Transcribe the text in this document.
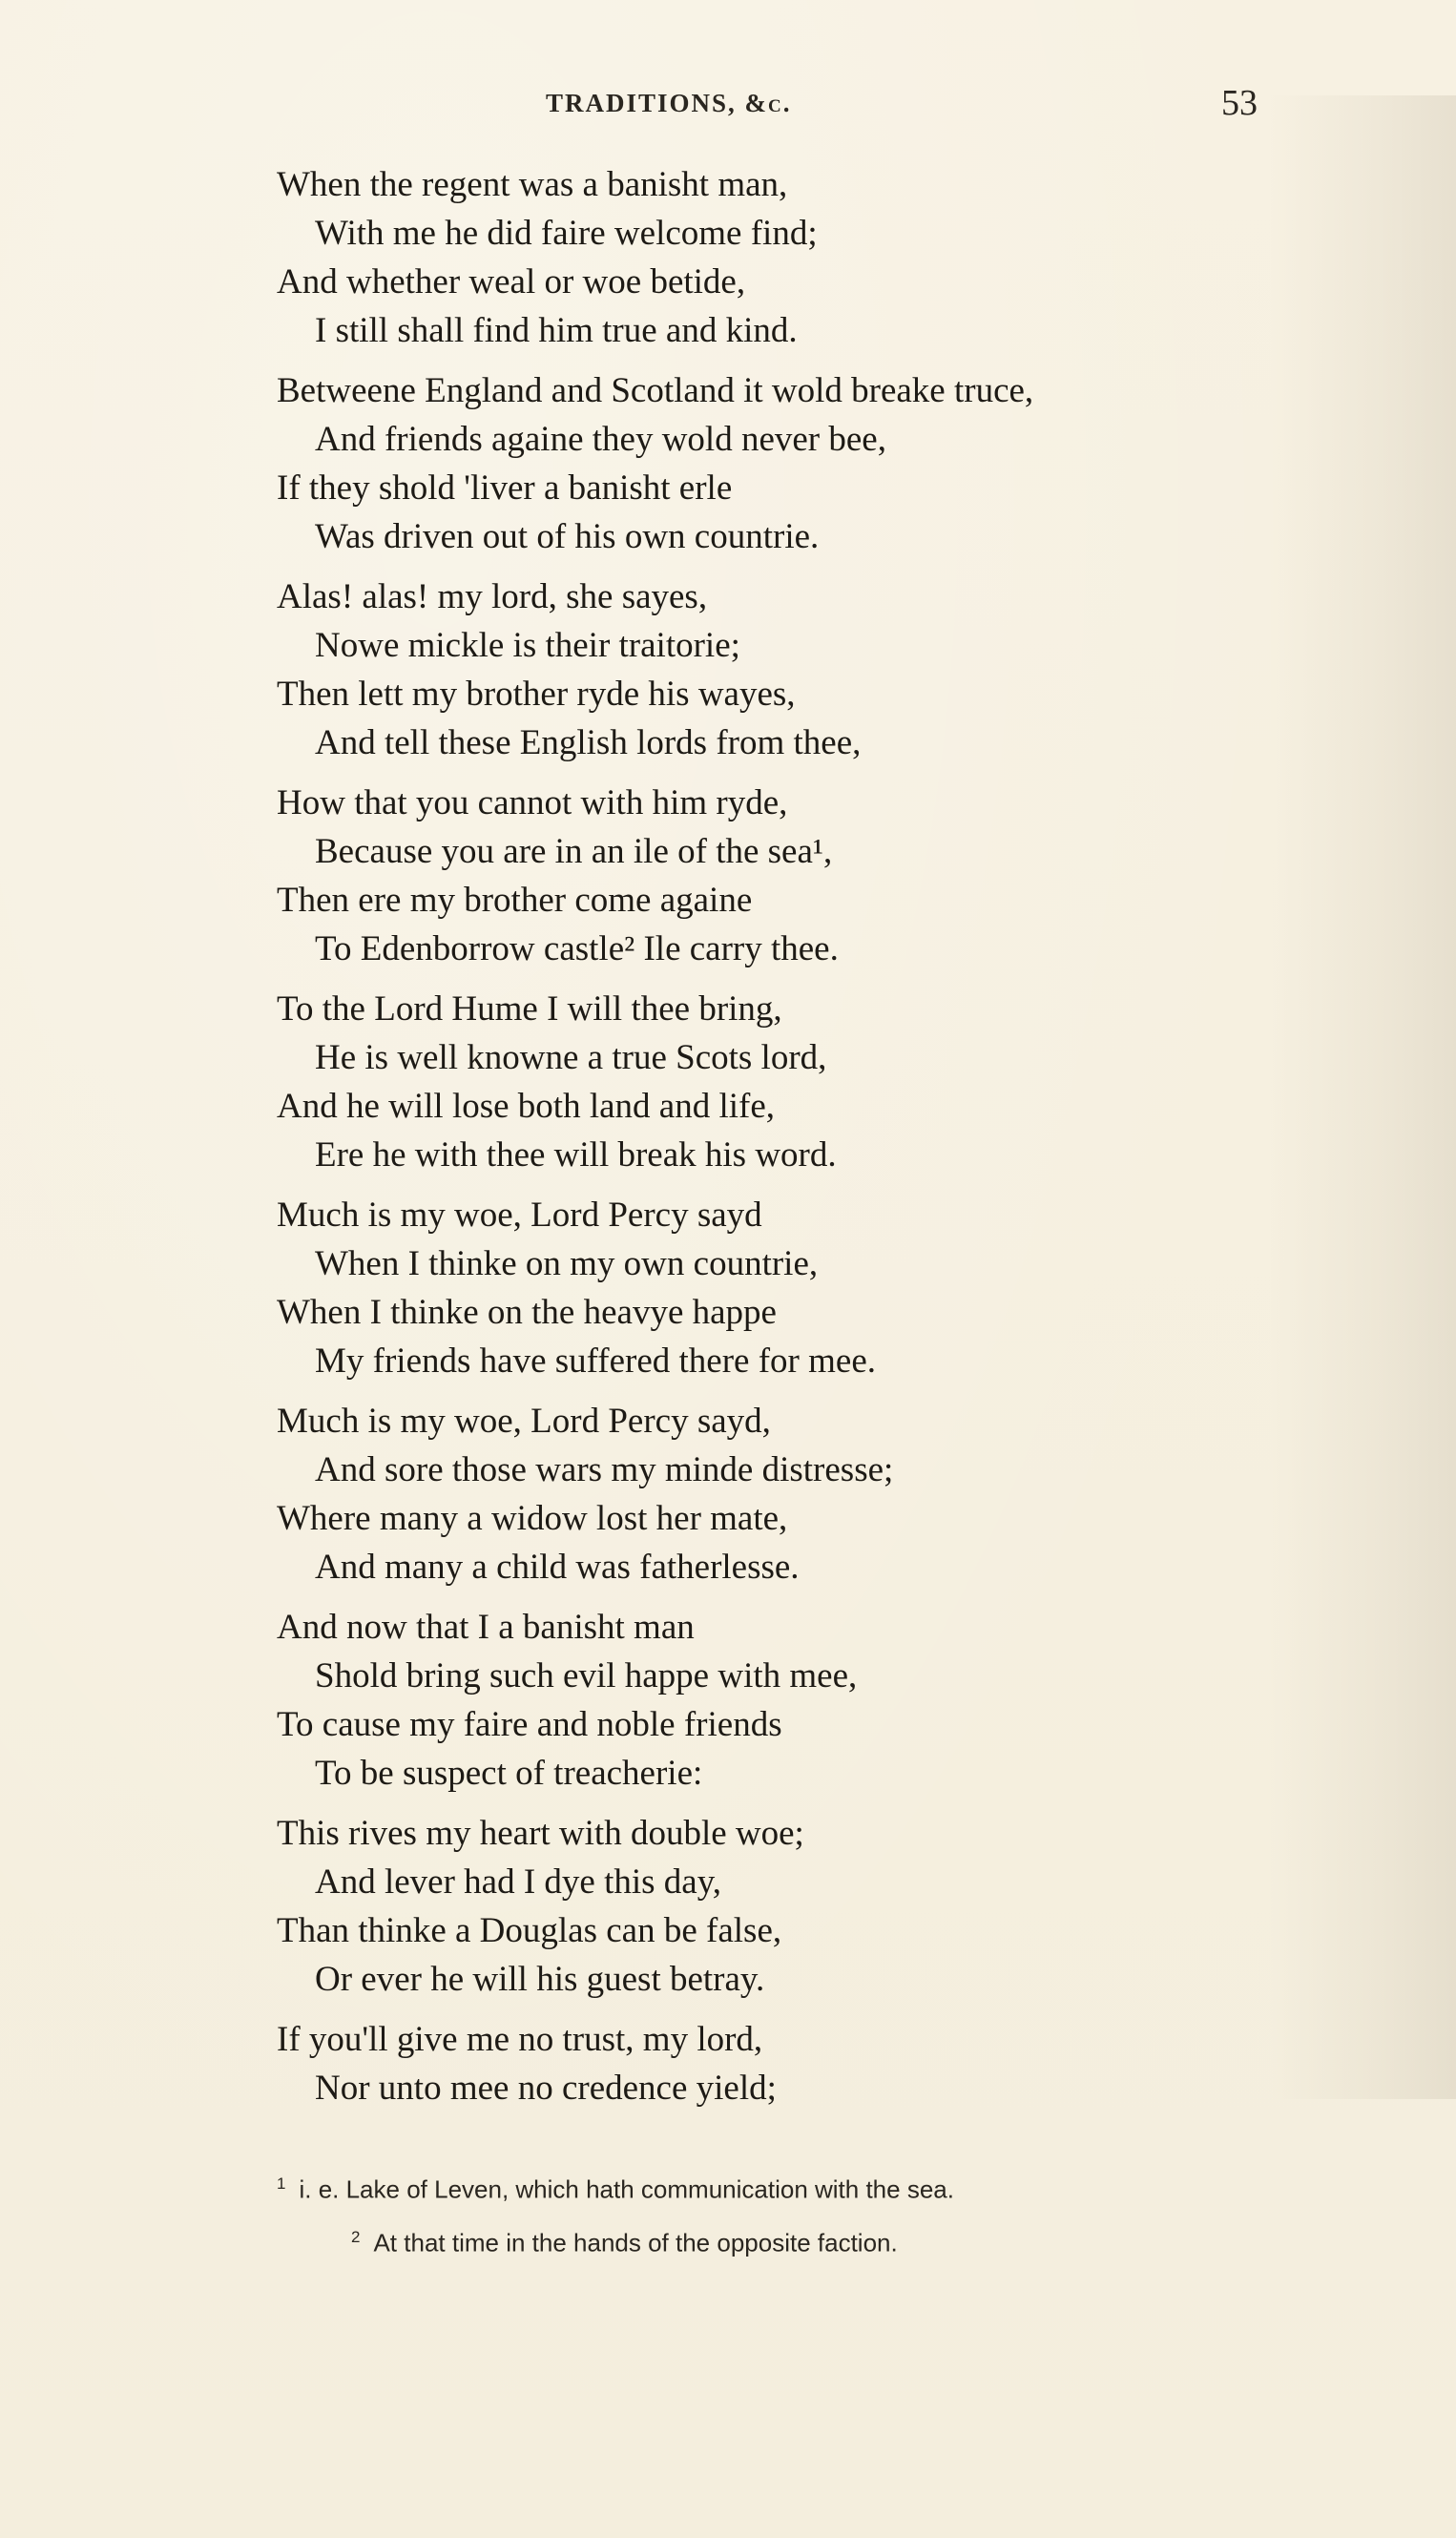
TRADITIONS, &c.	53
When the regent was a banisht man,
With me he did faire welcome find;
And whether weal or woe betide,
I still shall find him true and kind.
Betweene England and Scotland it wold breake truce,
And friends againe they wold never bee,
If they shold 'liver a banisht erle
Was driven out of his own countrie.
Alas! alas! my lord, she sayes,
Nowe mickle is their traitorie;
Then lett my brother ryde his wayes,
And tell these English lords from thee,
How that you cannot with him ryde,
Because you are in an ile of the sea¹,
Then ere my brother come againe
To Edenborrow castle² Ile carry thee.
To the Lord Hume I will thee bring,
He is well knowne a true Scots lord,
And he will lose both land and life,
Ere he with thee will break his word.
Much is my woe, Lord Percy sayd
When I thinke on my own countrie,
When I thinke on the heavye happe
My friends have suffered there for mee.
Much is my woe, Lord Percy sayd,
And sore those wars my minde distresse;
Where many a widow lost her mate,
And many a child was fatherlesse.
And now that I a banisht man
Shold bring such evil happe with mee,
To cause my faire and noble friends
To be suspect of treacherie:
This rives my heart with double woe;
And lever had I dye this day,
Than thinke a Douglas can be false,
Or ever he will his guest betray.
If you'll give me no trust, my lord,
Nor unto mee no credence yield;
$^1$ i. e. Lake of Leven, which hath communication with the sea.
$^2$ At that time in the hands of the opposite faction.
